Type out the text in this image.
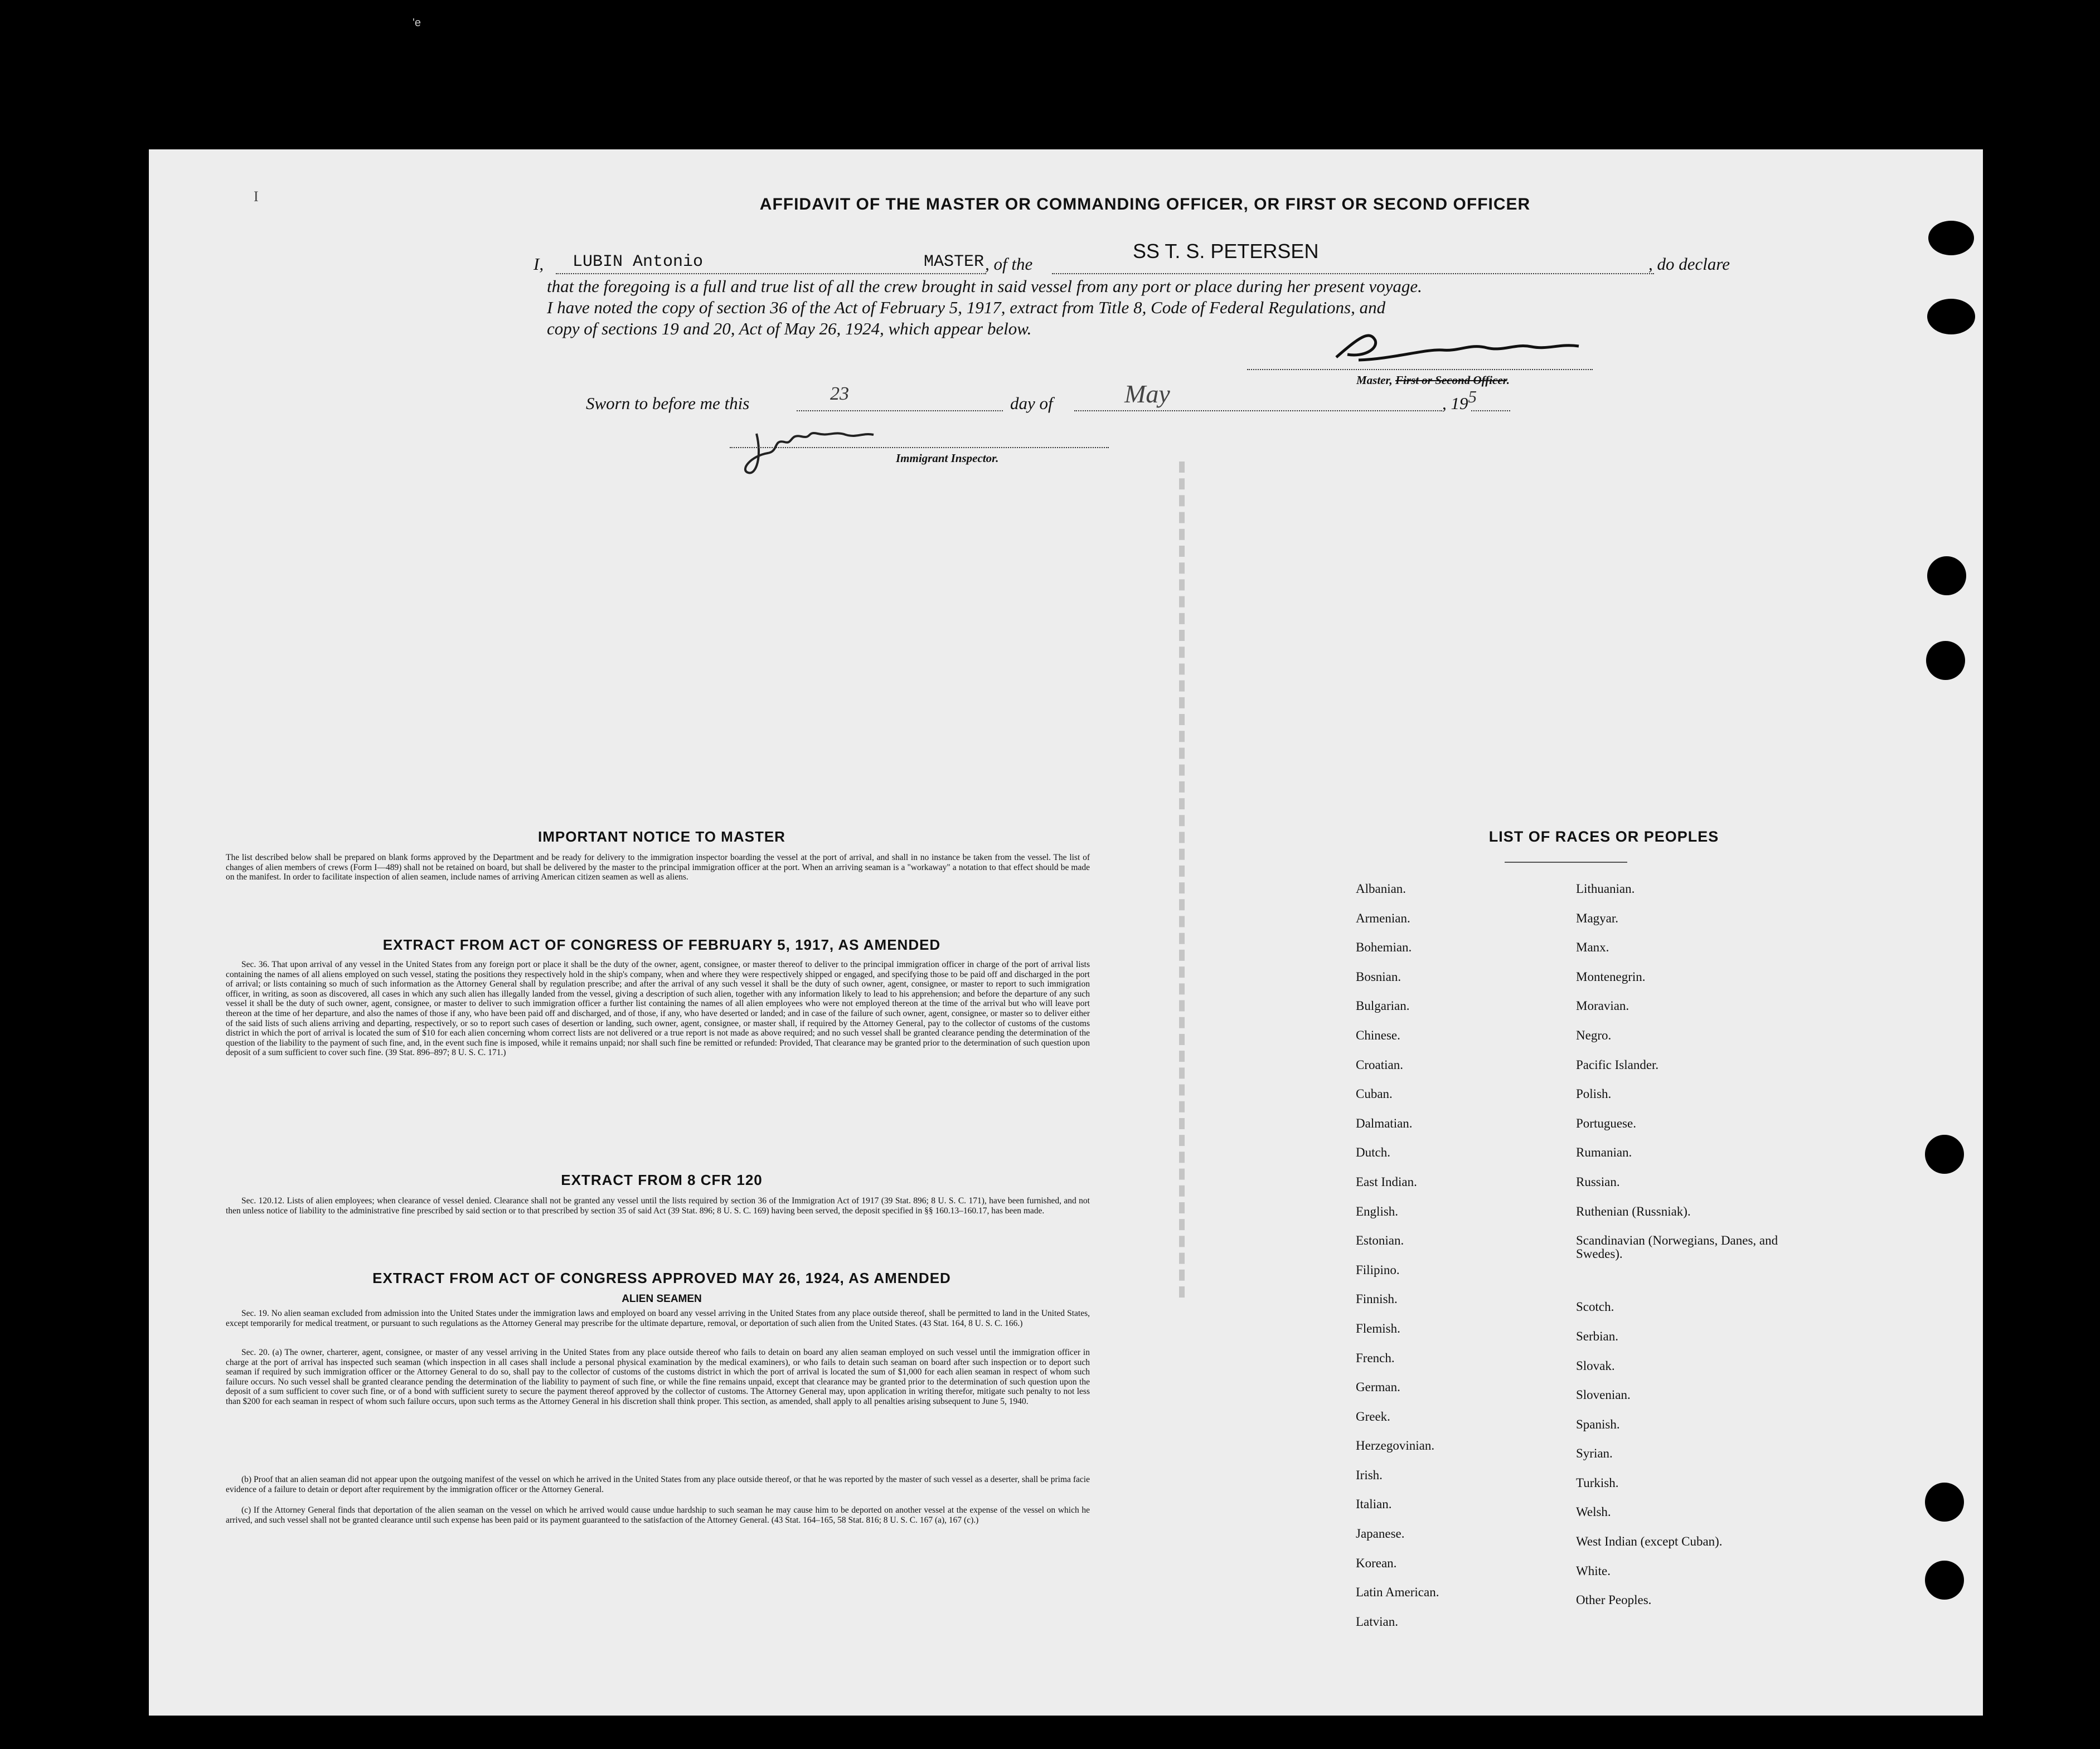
'e
I	AFFIDAVIT OF THE MASTER OR COMMANDING OFFICER, OR FIRST OR SECOND OFFICER
I, LUBIN Antonio	MASTER , of the
SS T. S. PETERSEN
, do declare
that the foregoing is a full and true list of all the crew brought in said vessel from any port or place during her present voyage.
I have noted the copy of section 36 of the Act of February 5, 1917, extract from Title 8, Code of Federal Regulations, and
copy of sections 19 and 20, Act of May 26, 1924, which appear below.
Master, First or Second Officer.
Sworn to before me this	23	day of	May	, 195
Immigrant Inspector.
IMPORTANT NOTICE TO MASTER
The list described below shall be prepared on blank forms approved by the Department and be ready for delivery to the immigration inspector boarding the vessel at the port of arrival, and shall in no instance be taken from the vessel. The list of changes of alien members of crews (Form I—489) shall not be retained on board, but shall be delivered by the master to the principal immigration officer at the port. When an arriving seaman is a "workaway" a notation to that effect should be made on the manifest. In order to facilitate inspection of alien seamen, include names of arriving American citizen seamen as well as aliens.
EXTRACT FROM ACT OF CONGRESS OF FEBRUARY 5, 1917, AS AMENDED
Sec. 36. That upon arrival of any vessel in the United States from any foreign port or place it shall be the duty of the owner, agent, consignee, or master thereof to deliver to the principal immigration officer in charge of the port of arrival lists containing the names of all aliens employed on such vessel, stating the positions they respectively hold in the ship's company, when and where they were respectively shipped or engaged, and specifying those to be paid off and discharged in the port of arrival; or lists containing so much of such information as the Attorney General shall by regulation prescribe; and after the arrival of any such vessel it shall be the duty of such owner, agent, consignee, or master to report to such immigration officer, in writing, as soon as discovered, all cases in which any such alien has illegally landed from the vessel, giving a description of such alien, together with any information likely to lead to his apprehension; and before the departure of any such vessel it shall be the duty of such owner, agent, consignee, or master to deliver to such immigration officer a further list containing the names of all alien employees who were not employed thereon at the time of the arrival but who will leave port thereon at the time of her departure, and also the names of those if any, who have been paid off and discharged, and of those, if any, who have deserted or landed; and in case of the failure of such owner, agent, consignee, or master so to deliver either of the said lists of such aliens arriving and departing, respectively, or so to report such cases of desertion or landing, such owner, agent, consignee, or master shall, if required by the Attorney General, pay to the collector of customs of the customs district in which the port of arrival is located the sum of $10 for each alien concerning whom correct lists are not delivered or a true report is not made as above required; and no such vessel shall be granted clearance pending the determination of the question of the liability to the payment of such fine, and, in the event such fine is imposed, while it remains unpaid; nor shall such fine be remitted or refunded: Provided, That clearance may be granted prior to the determination of such question upon deposit of a sum sufficient to cover such fine. (39 Stat. 896–897; 8 U. S. C. 171.)
EXTRACT FROM 8 CFR 120
Sec. 120.12. Lists of alien employees; when clearance of vessel denied. Clearance shall not be granted any vessel until the lists required by section 36 of the Immigration Act of 1917 (39 Stat. 896; 8 U. S. C. 171), have been furnished, and not then unless notice of liability to the administrative fine prescribed by said section or to that prescribed by section 35 of said Act (39 Stat. 896; 8 U. S. C. 169) having been served, the deposit specified in §§ 160.13–160.17, has been made.
EXTRACT FROM ACT OF CONGRESS APPROVED MAY 26, 1924, AS AMENDED
ALIEN SEAMEN
Sec. 19. No alien seaman excluded from admission into the United States under the immigration laws and employed on board any vessel arriving in the United States from any place outside thereof, shall be permitted to land in the United States, except temporarily for medical treatment, or pursuant to such regulations as the Attorney General may prescribe for the ultimate departure, removal, or deportation of such alien from the United States. (43 Stat. 164, 8 U. S. C. 166.)
Sec. 20. (a) The owner, charterer, agent, consignee, or master of any vessel arriving in the United States from any place outside thereof who fails to detain on board any alien seaman employed on such vessel until the immigration officer in charge at the port of arrival has inspected such seaman (which inspection in all cases shall include a personal physical examination by the medical examiners), or who fails to detain such seaman on board after such inspection or to deport such seaman if required by such immigration officer or the Attorney General to do so, shall pay to the collector of customs of the customs district in which the port of arrival is located the sum of $1,000 for each alien seaman in respect of whom such failure occurs. No such vessel shall be granted clearance pending the determination of the liability to payment of such fine, or while the fine remains unpaid, except that clearance may be granted prior to the determination of such question upon the deposit of a sum sufficient to cover such fine, or of a bond with sufficient surety to secure the payment thereof approved by the collector of customs. The Attorney General may, upon application in writing therefor, mitigate such penalty to not less than $200 for each seaman in respect of whom such failure occurs, upon such terms as the Attorney General in his discretion shall think proper. This section, as amended, shall apply to all penalties arising subsequent to June 5, 1940.
(b) Proof that an alien seaman did not appear upon the outgoing manifest of the vessel on which he arrived in the United States from any place outside thereof, or that he was reported by the master of such vessel as a deserter, shall be prima facie evidence of a failure to detain or deport after requirement by the immigration officer or the Attorney General.
(c) If the Attorney General finds that deportation of the alien seaman on the vessel on which he arrived would cause undue hardship to such seaman he may cause him to be deported on another vessel at the expense of the vessel on which he arrived, and such vessel shall not be granted clearance until such expense has been paid or its payment guaranteed to the satisfaction of the Attorney General. (43 Stat. 164–165, 58 Stat. 816; 8 U. S. C. 167 (a), 167 (c).)
LIST OF RACES OR PEOPLES
Albanian.
Armenian.
Bohemian.
Bosnian.
Bulgarian.
Chinese.
Croatian.
Cuban.
Dalmatian.
Dutch.
East Indian.
English.
Estonian.
Filipino.
Finnish.
Flemish.
French.
German.
Greek.
Herzegovinian.
Irish.
Italian.
Japanese.
Korean.
Latin American.
Latvian.
Lithuanian.
Magyar.
Manx.
Montenegrin.
Moravian.
Negro.
Pacific Islander.
Polish.
Portuguese.
Rumanian.
Russian.
Ruthenian (Russniak).
Scandinavian (Norwegians, Danes, and Swedes).
Scotch.
Serbian.
Slovak.
Slovenian.
Spanish.
Syrian.
Turkish.
Welsh.
West Indian (except Cuban).
White.
Other Peoples.
